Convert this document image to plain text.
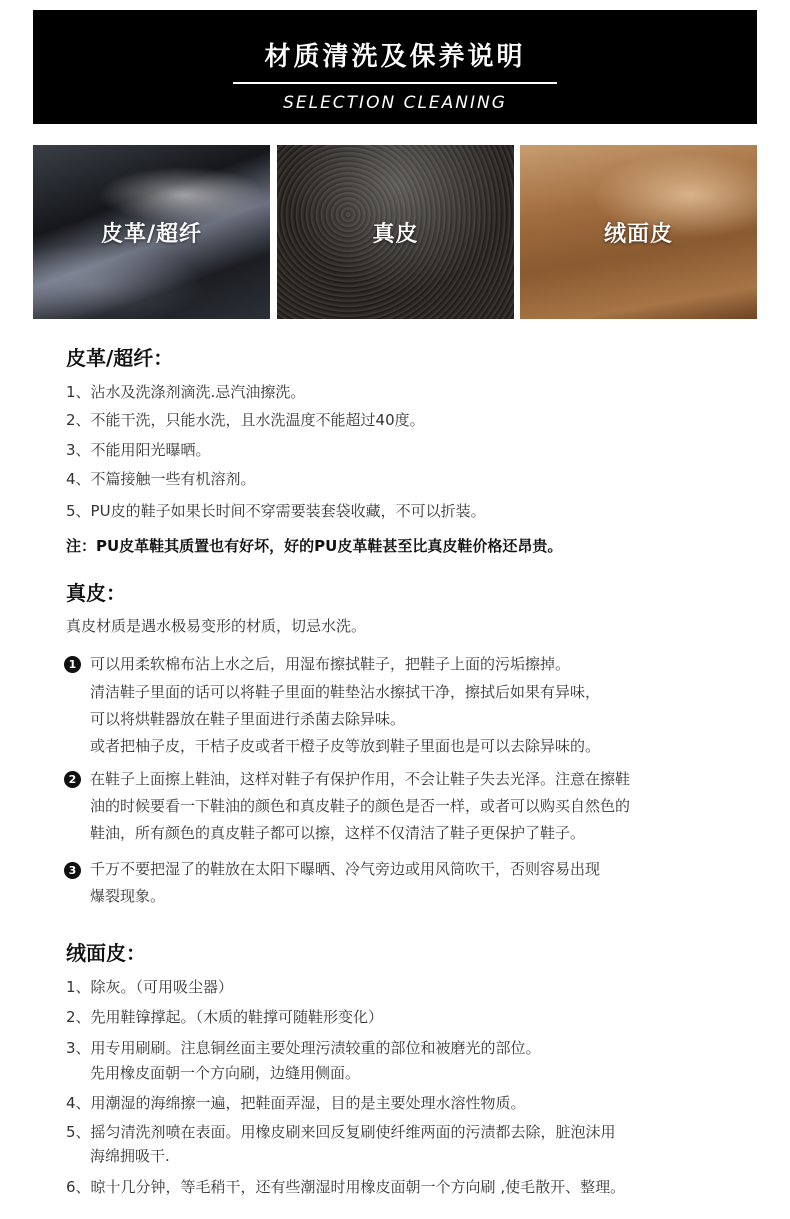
材质清洗及保养说明
SELECTION CLEANING
皮革/超纤	真皮	绒面皮
皮革/超纤：
1、沾水及洗涤剂滴洗.忌汽油擦洗。
2、不能干洗，只能水洗，且水洗温度不能超过40度。
3、不能用阳光曝晒。
4、不篇接触一些有机溶剂。
5、PU皮的鞋子如果长时间不穿需要装套袋收藏，不可以折装。
注：PU皮革鞋其质置也有好坏，好的PU皮革鞋甚至比真皮鞋价格还昂贵。
真皮：
真皮材质是遇水极易变形的材质，切忌水洗。
1 可以用柔软棉布沾上水之后，用湿布擦拭鞋子，把鞋子上面的污垢擦掉。
清洁鞋子里面的话可以将鞋子里面的鞋垫沾水擦拭干净，擦拭后如果有异味，
可以将烘鞋器放在鞋子里面进行杀菌去除异味。
或者把柚子皮，干桔子皮或者干橙子皮等放到鞋子里面也是可以去除异味的。
2 在鞋子上面擦上鞋油，这样对鞋子有保护作用，不会让鞋子失去光泽。注意在擦鞋
油的时候要看一下鞋油的颜色和真皮鞋子的颜色是否一样，或者可以购买自然色的
鞋油，所有颜色的真皮鞋子都可以擦，这样不仅清洁了鞋子更保护了鞋子。
3 千万不要把湿了的鞋放在太阳下曝晒、冷气旁边或用风筒吹干，否则容易出现
爆裂现象。
绒面皮：
1、除灰。（可用吸尘器）
2、先用鞋镎撑起。（木质的鞋撑可随鞋形变化）
3、用专用刷刷。注息铜丝面主要处理污渍较重的部位和被磨光的部位。
先用橡皮面朝一个方向刷，边缝用侧面。
4、用潮湿的海绵擦一遍，把鞋面弄湿，目的是主要处理水溶性物质。
5、摇匀清洗剂喷在表面。用橡皮刷来回反复刷使纤维两面的污渍都去除，脏泡沫用
海绵拥吸干.
6、晾十几分钟，等毛稍干，还有些潮湿时用橡皮面朝一个方向刷 ,使毛散开、整理。
